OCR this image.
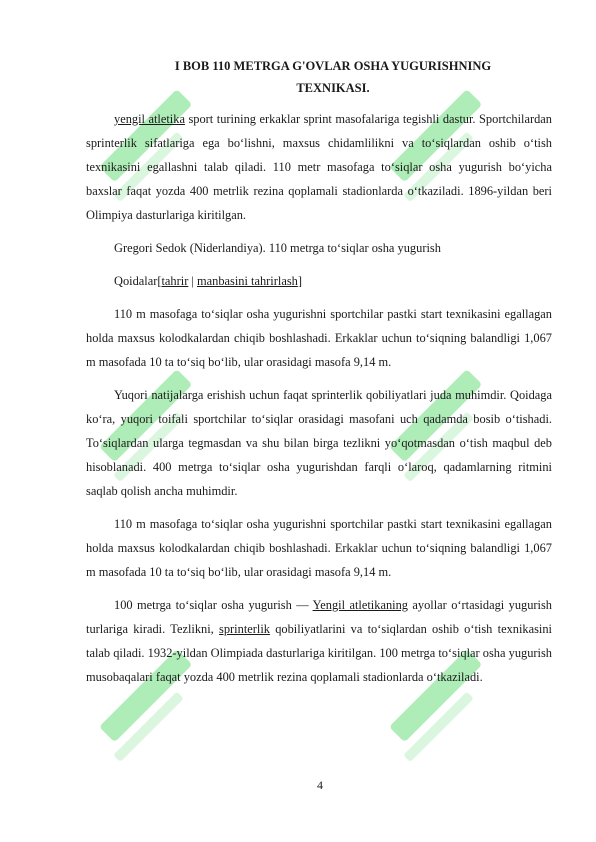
I BOB 110 METRGA G'OVLAR OSHA YUGURISHNING
TEXNIKASI.

yengil atletika sport turining erkaklar sprint masofalariga tegishli dastur. Sportchilardan sprinterlik sifatlariga ega bo‘lishni, maxsus chidamlilikni va to‘siqlardan oshib o‘tish texnikasini egallashni talab qiladi. 110 metr masofaga to‘siqlar osha yugurish bo‘yicha baxslar faqat yozda 400 metrlik rezina qoplamali stadionlarda o‘tkaziladi. 1896-yildan beri Olimpiya dasturlariga kiritilgan.

Gregori Sedok (Niderlandiya). 110 metrga to‘siqlar osha yugurish

Qoidalar[tahrir | manbasini tahrirlash]

110 m masofaga to‘siqlar osha yugurishni sportchilar pastki start texnikasini egallagan holda maxsus kolodkalardan chiqib boshlashadi. Erkaklar uchun to‘siqning balandligi 1,067 m masofada 10 ta to‘siq bo‘lib, ular orasidagi masofa 9,14 m.

Yuqori natijalarga erishish uchun faqat sprinterlik qobiliyatlari juda muhimdir. Qoidaga ko‘ra, yuqori toifali sportchilar to‘siqlar orasidagi masofani uch qadamda bosib o‘tishadi. To‘siqlardan ularga tegmasdan va shu bilan birga tezlikni yo‘qotmasdan o‘tish maqbul deb hisoblanadi. 400 metrga to‘siqlar osha yugurishdan farqli o‘laroq, qadamlarning ritmini saqlab qolish ancha muhimdir.

110 m masofaga to‘siqlar osha yugurishni sportchilar pastki start texnikasini egallagan holda maxsus kolodkalardan chiqib boshlashadi. Erkaklar uchun to‘siqning balandligi 1,067 m masofada 10 ta to‘siq bo‘lib, ular orasidagi masofa 9,14 m.

100 metrga to‘siqlar osha yugurish — Yengil atletikaning ayollar o‘rtasidagi yugurish turlariga kiradi. Tezlikni, sprinterlik qobiliyatlarini va to‘siqlardan oshib o‘tish texnikasini talab qiladi. 1932-yildan Olimpiada dasturlariga kiritilgan. 100 metrga to‘siqlar osha yugurish musobaqalari faqat yozda 400 metrlik rezina qoplamali stadionlarda o‘tkaziladi.

4
